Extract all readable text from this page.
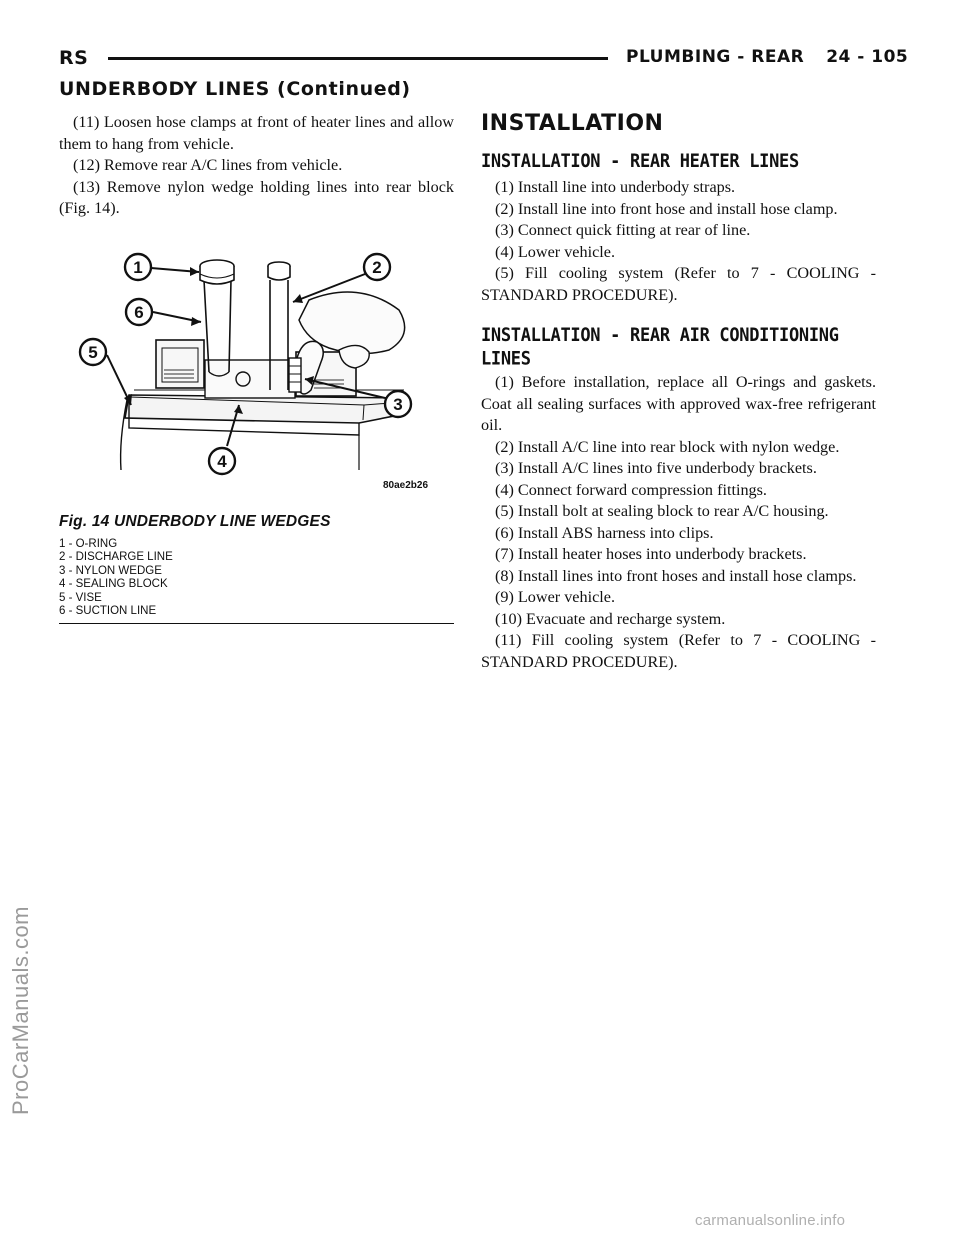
RS	PLUMBING - REAR 24 - 105
UNDERBODY LINES (Continued)

(11) Loosen hose clamps at front of heater lines and allow them to hang from vehicle.

(12) Remove rear A/C lines from vehicle.

(13) Remove nylon wedge holding lines into rear block (Fig. 14).

1	2
3
4
5
6
80ae2b26
Fig. 14 UNDERBODY LINE WEDGES
1 - O-RING
2 - DISCHARGE LINE
3 - NYLON WEDGE
4 - SEALING BLOCK
5 - VISE
6 - SUCTION LINE
INSTALLATION
INSTALLATION - REAR HEATER LINES

(1) Install line into underbody straps.

(2) Install line into front hose and install hose clamp.

(3) Connect quick fitting at rear of line.

(4) Lower vehicle.

(5) Fill cooling system (Refer to 7 - COOLING - STANDARD PROCEDURE).

INSTALLATION - REAR AIR CONDITIONING LINES

(1) Before installation, replace all O-rings and gaskets. Coat all sealing surfaces with approved wax-free refrigerant oil.

(2) Install A/C line into rear block with nylon wedge.

(3) Install A/C lines into five underbody brackets.

(4) Connect forward compression fittings.

(5) Install bolt at sealing block to rear A/C housing.

(6) Install ABS harness into clips.

(7) Install heater hoses into underbody brackets.

(8) Install lines into front hoses and install hose clamps.

(9) Lower vehicle.

(10) Evacuate and recharge system.

(11) Fill cooling system (Refer to 7 - COOLING - STANDARD PROCEDURE).

ProCarManuals.com
carmanualsonline.info
